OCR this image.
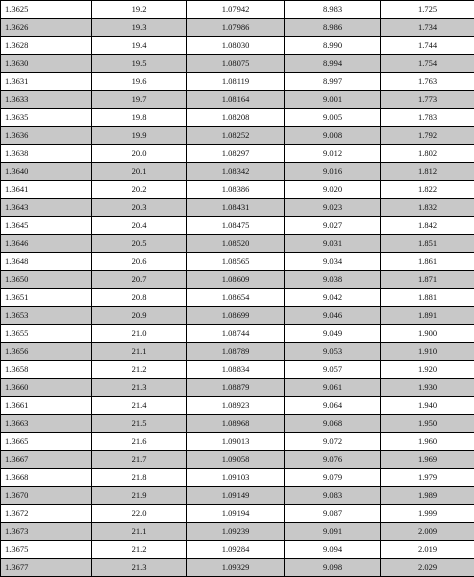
1.3625	19.2	1.07942	8.983	1.725
1.3626	19.3	1.07986	8.986	1.734
1.3628	19.4	1.08030	8.990	1.744
1.3630	19.5	1.08075	8.994	1.754
1.3631	19.6	1.08119	8.997	1.763
1.3633	19.7	1.08164	9.001	1.773
1.3635	19.8	1.08208	9.005	1.783
1.3636	19.9	1.08252	9.008	1.792
1.3638	20.0	1.08297	9.012	1.802
1.3640	20.1	1.08342	9.016	1.812
1.3641	20.2	1.08386	9.020	1.822
1.3643	20.3	1.08431	9.023	1.832
1.3645	20.4	1.08475	9.027	1.842
1.3646	20.5	1.08520	9.031	1.851
1.3648	20.6	1.08565	9.034	1.861
1.3650	20.7	1.08609	9.038	1.871
1.3651	20.8	1.08654	9.042	1.881
1.3653	20.9	1.08699	9.046	1.891
1.3655	21.0	1.08744	9.049	1.900
1.3656	21.1	1.08789	9.053	1.910
1.3658	21.2	1.08834	9.057	1.920
1.3660	21.3	1.08879	9.061	1.930
1.3661	21.4	1.08923	9.064	1.940
1.3663	21.5	1.08968	9.068	1.950
1.3665	21.6	1.09013	9.072	1.960
1.3667	21.7	1.09058	9.076	1.969
1.3668	21.8	1.09103	9.079	1.979
1.3670	21.9	1.09149	9.083	1.989
1.3672	22.0	1.09194	9.087	1.999
1.3673	21.1	1.09239	9.091	2.009
1.3675	21.2	1.09284	9.094	2.019
1.3677	21.3	1.09329	9.098	2.029
